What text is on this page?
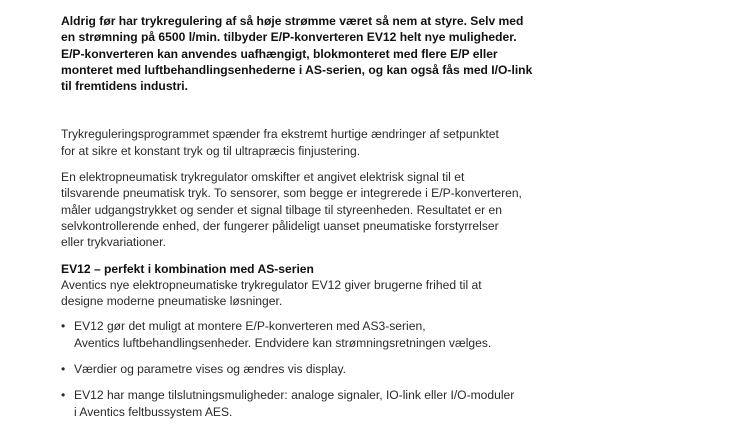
Aldrig før har trykregulering af så høje strømme været så nem at styre. Selv med
en strømning på 6500 l/min. tilbyder E/P-konverteren EV12 helt nye muligheder.
E/P-konverteren kan anvendes uafhængigt, blokmonteret med flere E/P eller
monteret med luftbehandlingsenhederne i AS-serien, og kan også fås med I/O-link
til fremtidens industri.

Trykreguleringsprogrammet spænder fra ekstremt hurtige ændringer af setpunktet
for at sikre et konstant tryk og til ultrapræcis finjustering.

En elektropneumatisk trykregulator omskifter et angivet elektrisk signal til et
tilsvarende pneumatisk tryk. To sensorer, som begge er integrerede i E/P-konverteren,
måler udgangstrykket og sender et signal tilbage til styreenheden. Resultatet er en
selvkontrollerende enhed, der fungerer pålideligt uanset pneumatiske forstyrrelser
eller trykvariationer.

EV12 – perfekt i kombination med AS-serien

Aventics nye elektropneumatiske trykregulator EV12 giver brugerne frihed til at
designe moderne pneumatiske løsninger.

• EV12 gør det muligt at montere E/P-konverteren med AS3-serien,
Aventics luftbehandlingsenheder. Endvidere kan strømningsretningen vælges.
• Værdier og parametre vises og ændres vis display.
• EV12 har mange tilslutningsmuligheder: analoge signaler, IO-link eller I/O-moduler
i Aventics feltbussystem AES.
